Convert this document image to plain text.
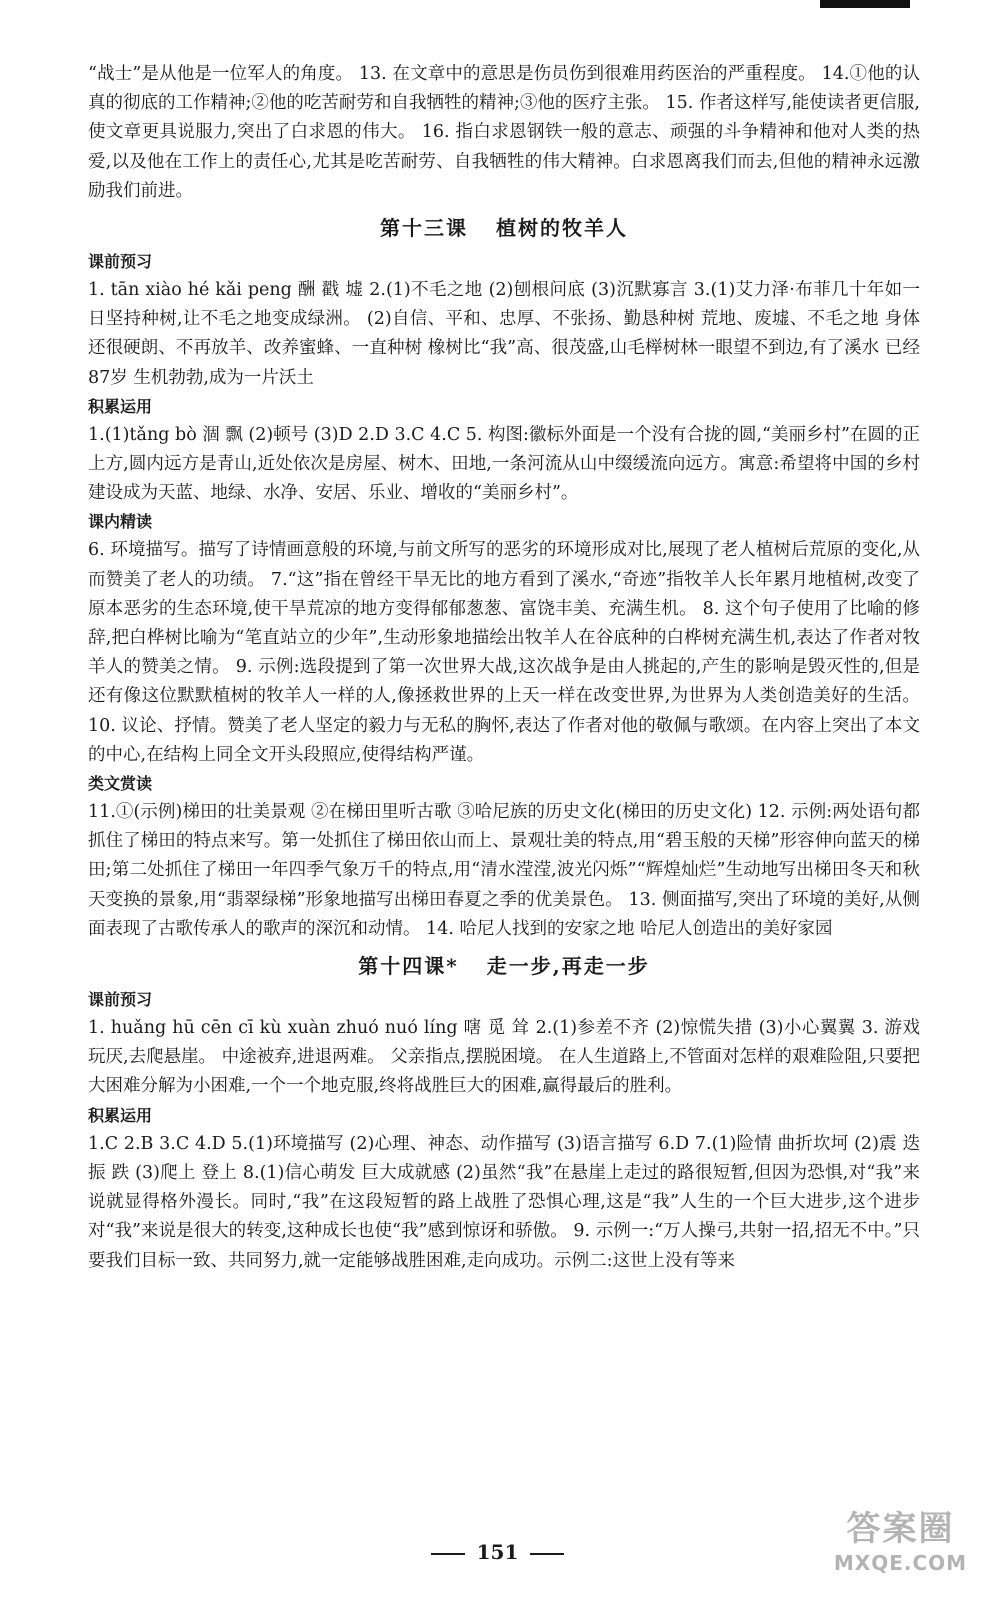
“战士”是从他是一位军人的角度。 13. 在文章中的意思是伤员伤到很难用药医治的严重程度。 14.①他的认真的彻底的工作精神;②他的吃苦耐劳和自我牺牲的精神;③他的医疗主张。 15. 作者这样写,能使读者更信服,使文章更具说服力,突出了白求恩的伟大。 16. 指白求恩钢铁一般的意志、顽强的斗争精神和他对人类的热爱,以及他在工作上的责任心,尤其是吃苦耐劳、自我牺牲的伟大精神。白求恩离我们而去,但他的精神永远激励我们前进。

第十三课 植树的牧羊人
课前预习

1. tān xiào hé kǎi peng 酬 戳 墟 2.(1)不毛之地 (2)刨根问底 (3)沉默寡言 3.(1)艾力泽·布菲几十年如一日坚持种树,让不毛之地变成绿洲。 (2)自信、平和、忠厚、不张扬、勤恳种树 荒地、废墟、不毛之地 身体还很硬朗、不再放羊、改养蜜蜂、一直种树 橡树比“我”高、很茂盛,山毛榉树林一眼望不到边,有了溪水 已经87岁 生机勃勃,成为一片沃土

积累运用

1.(1)tǎng bò 涸 飘 (2)顿号 (3)D 2.D 3.C 4.C 5. 构图:徽标外面是一个没有合拢的圆,“美丽乡村”在圆的正上方,圆内远方是青山,近处依次是房屋、树木、田地,一条河流从山中缀缓流向远方。寓意:希望将中国的乡村建设成为天蓝、地绿、水净、安居、乐业、增收的“美丽乡村”。

课内精读

6. 环境描写。描写了诗情画意般的环境,与前文所写的恶劣的环境形成对比,展现了老人植树后荒原的变化,从而赞美了老人的功绩。 7.“这”指在曾经干旱无比的地方看到了溪水,“奇迹”指牧羊人长年累月地植树,改变了原本恶劣的生态环境,使干旱荒凉的地方变得郁郁葱葱、富饶丰美、充满生机。 8. 这个句子使用了比喻的修辞,把白桦树比喻为“笔直站立的少年”,生动形象地描绘出牧羊人在谷底种的白桦树充满生机,表达了作者对牧羊人的赞美之情。 9. 示例:选段提到了第一次世界大战,这次战争是由人挑起的,产生的影响是毁灭性的,但是还有像这位默默植树的牧羊人一样的人,像拯救世界的上天一样在改变世界,为世界为人类创造美好的生活。 10. 议论、抒情。赞美了老人坚定的毅力与无私的胸怀,表达了作者对他的敬佩与歌颂。在内容上突出了本文的中心,在结构上同全文开头段照应,使得结构严谨。

类文赏读

11.①(示例)梯田的壮美景观 ②在梯田里听古歌 ③哈尼族的历史文化(梯田的历史文化) 12. 示例:两处语句都抓住了梯田的特点来写。第一处抓住了梯田依山而上、景观壮美的特点,用“碧玉般的天梯”形容伸向蓝天的梯田;第二处抓住了梯田一年四季气象万千的特点,用“清水滢滢,波光闪烁”“辉煌灿烂”生动地写出梯田冬天和秋天变换的景象,用“翡翠绿梯”形象地描写出梯田春夏之季的优美景色。 13. 侧面描写,突出了环境的美好,从侧面表现了古歌传承人的歌声的深沉和动情。 14. 哈尼人找到的安家之地 哈尼人创造出的美好家园

第十四课* 走一步,再走一步
课前预习

1. huǎng hū cēn cī kù xuàn zhuó nuó líng 嗐 觅 耸 2.(1)参差不齐 (2)惊慌失措 (3)小心翼翼 3. 游戏玩厌,去爬悬崖。 中途被弃,进退两难。 父亲指点,摆脱困境。 在人生道路上,不管面对怎样的艰难险阻,只要把大困难分解为小困难,一个一个地克服,终将战胜巨大的困难,赢得最后的胜利。

积累运用

1.C 2.B 3.C 4.D 5.(1)环境描写 (2)心理、神态、动作描写 (3)语言描写 6.D 7.(1)险情 曲折坎坷 (2)震 迭 振 跌 (3)爬上 登上 8.(1)信心萌发 巨大成就感 (2)虽然“我”在悬崖上走过的路很短暂,但因为恐惧,对“我”来说就显得格外漫长。同时,“我”在这段短暂的路上战胜了恐惧心理,这是“我”人生的一个巨大进步,这个进步对“我”来说是很大的转变,这种成长也使“我”感到惊讶和骄傲。 9. 示例一:“万人操弓,共射一招,招无不中。”只要我们目标一致、共同努力,就一定能够战胜困难,走向成功。示例二:这世上没有等来

151
答案圈
MXQE.COM
